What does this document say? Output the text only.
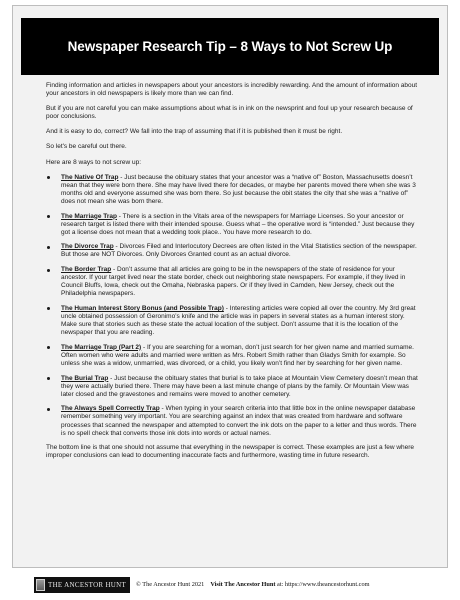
Newspaper Research Tip – 8 Ways to Not Screw Up

Finding information and articles in newspapers about your ancestors is incredibly rewarding. And the amount of information about your ancestors in old newspapers is likely more than we can find.

But if you are not careful you can make assumptions about what is in ink on the newsprint and foul up your research because of poor conclusions.

And it is easy to do, correct? We fall into the trap of assuming that if it is published then it must be right.

So let's be careful out there.

Here are 8 ways to not screw up:

The Native Of Trap - Just because the obituary states that your ancestor was a “native of” Boston, Massachusetts doesn’t mean that they were born there. She may have lived there for decades, or maybe her parents moved there when she was 3 months old and everyone assumed she was born there. So just because the obit states the city that she was a “native of” does not mean she was born there.
The Marriage Trap - There is a section in the Vitals area of the newspapers for Marriage Licenses. So your ancestor or research target is listed there with their intended spouse. Guess what – the operative word is “intended.” Just because they got a license does not mean that a wedding took place.. You have more research to do.
The Divorce Trap - Divorces Filed and Interlocutory Decrees are often listed in the Vital Statistics section of the newspaper. But those are NOT Divorces. Only Divorces Granted count as an actual divorce.
The Border Trap - Don’t assume that all articles are going to be in the newspapers of the state of residence for your ancestor. If your target lived near the state border, check out neighboring state newspapers. For example, if they lived in Council Bluffs, Iowa, check out the Omaha, Nebraska papers. Or if they lived in Camden, New Jersey, check out the Philadelphia newspapers.
The Human Interest Story Bonus (and Possible Trap) - Interesting articles were copied all over the country. My 3rd great uncle obtained possession of Geronimo’s knife and the article was in papers in several states as a human interest story. Make sure that stories such as these state the actual location of the subject. Don’t assume that it is the location of the newspaper that you are reading.
The Marriage Trap (Part 2) - If you are searching for a woman, don’t just search for her given name and married surname. Often women who were adults and married were written as Mrs. Robert Smith rather than Gladys Smith for example. So unless she was a widow, unmarried, was divorced, or a child, you likely won’t find her by searching for her given name.
The Burial Trap - Just because the obituary states that burial is to take place at Mountain View Cemetery doesn’t mean that they were actually buried there. There may have been a last minute change of plans by the family. Or Mountain View was later closed and the gravestones and remains were moved to another cemetery.
The Always Spell Correctly Trap - When typing in your search criteria into that little box in the online newspaper database remember something very important. You are searching against an index that was created from hardware and software processes that scanned the newspaper and attempted to convert the ink dots on the paper to a letter and thus words. There is no spell check that converts those ink dots into words or actual names.

The bottom line is that one should not assume that everything in the newspaper is correct. These examples are just a few where improper conclusions can lead to documenting inaccurate facts and furthermore, wasting time in future research.

THE ANCESTOR HUNT © The Ancestor Hunt 2021 Visit The Ancestor Hunt at: https://www.theancestorhunt.com
